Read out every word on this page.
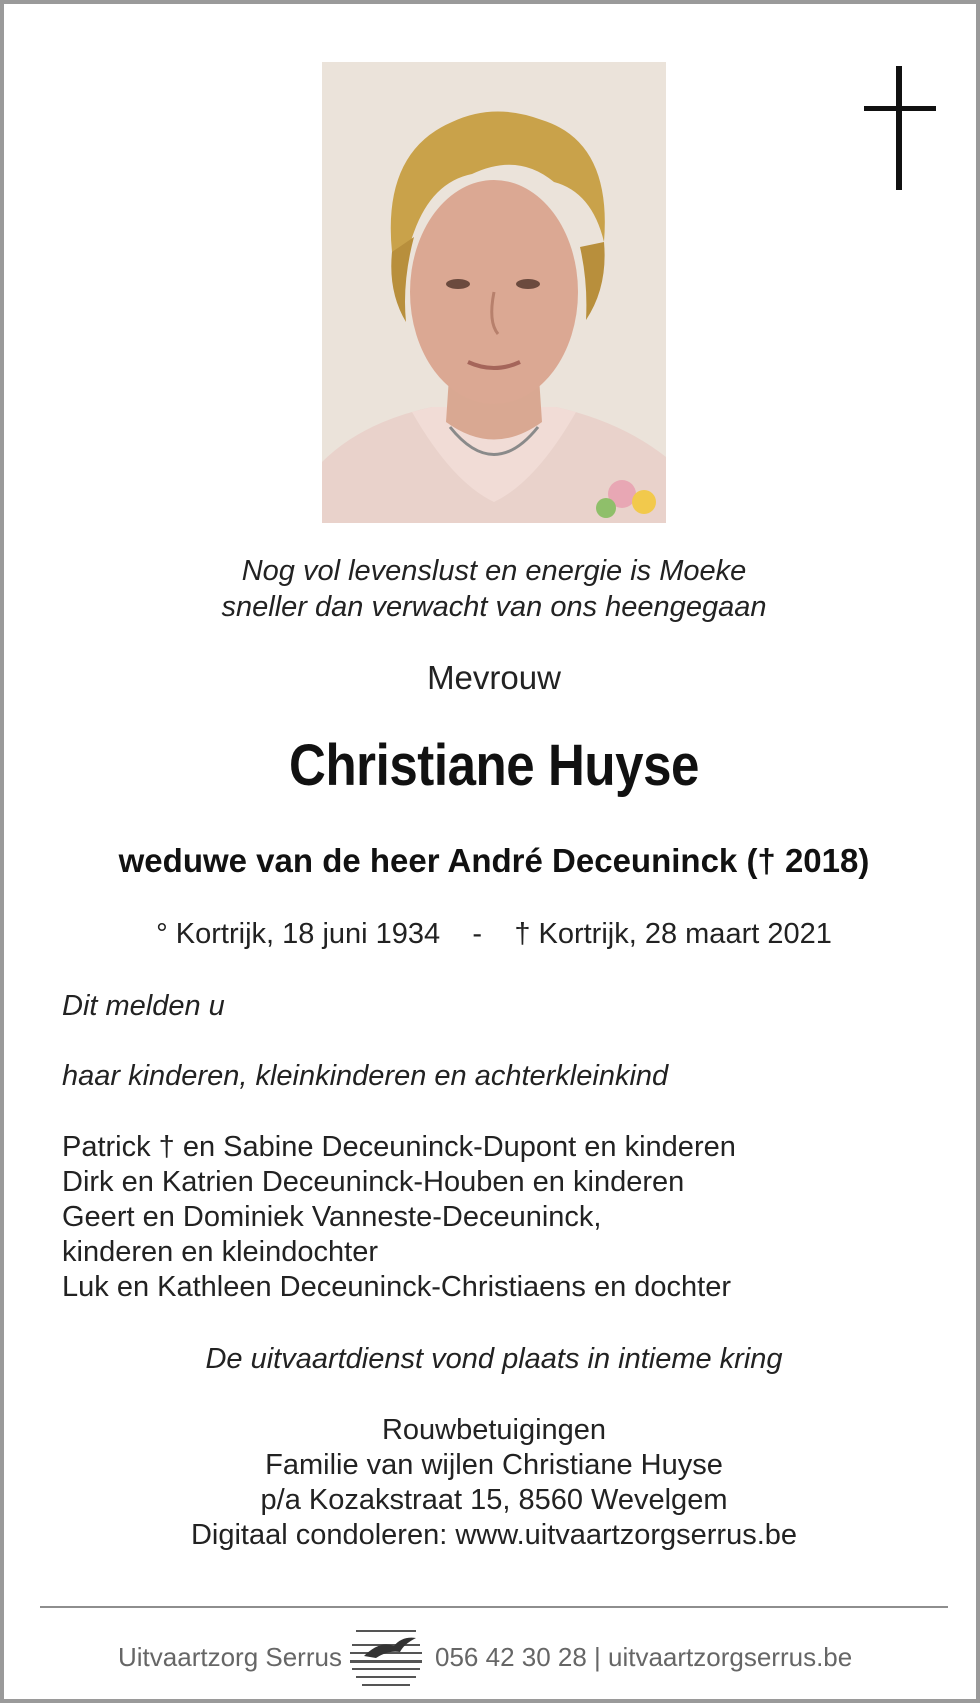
Nog vol levenslust en energie is Moeke
sneller dan verwacht van ons heengegaan
Mevrouw
Christiane Huyse
weduwe van de heer André Deceuninck († 2018)
° Kortrijk, 18 juni 1934 - † Kortrijk, 28 maart 2021
Dit melden u
haar kinderen, kleinkinderen en achterkleinkind
Patrick † en Sabine Deceuninck-Dupont en kinderen
Dirk en Katrien Deceuninck-Houben en kinderen
Geert en Dominiek Vanneste-Deceuninck,
kinderen en kleindochter
Luk en Kathleen Deceuninck-Christiaens en dochter
De uitvaartdienst vond plaats in intieme kring
Rouwbetuigingen
Familie van wijlen Christiane Huyse
p/a Kozakstraat 15, 8560 Wevelgem
Digitaal condoleren: www.uitvaartzorgserrus.be
Uitvaartzorg Serrus	056 42 30 28 | uitvaartzorgserrus.be
